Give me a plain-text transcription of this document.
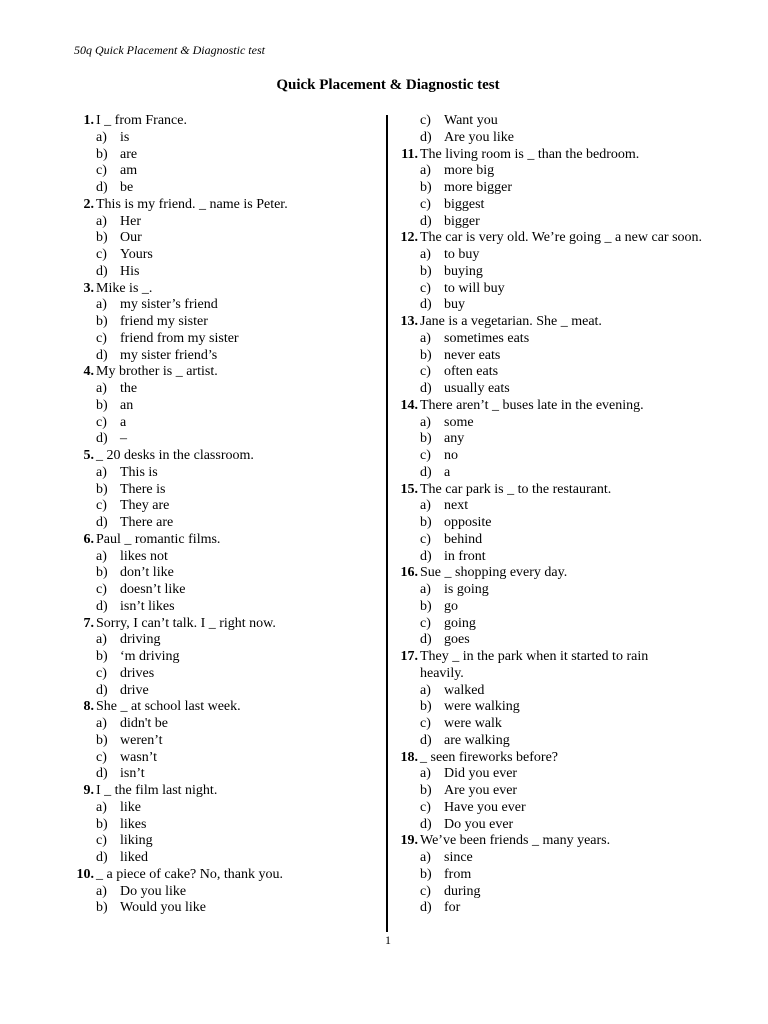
50q Quick Placement & Diagnostic test
Quick Placement & Diagnostic test
1. I _ from France.
a) is
b) are
c) am
d) be
2. This is my friend. _ name is Peter.
a) Her
b) Our
c) Yours
d) His
3. Mike is _.
a) my sister’s friend
b) friend my sister
c) friend from my sister
d) my sister friend’s
4. My brother is _ artist.
a) the
b) an
c) a
d) –
5. _ 20 desks in the classroom.
a) This is
b) There is
c) They are
d) There are
6. Paul _ romantic films.
a) likes not
b) don’t like
c) doesn’t like
d) isn’t likes
7. Sorry, I can’t talk. I _ right now.
a) driving
b) ‘m driving
c) drives
d) drive
8. She _ at school last week.
a) didn't be
b) weren’t
c) wasn’t
d) isn’t
9. I _ the film last night.
a) like
b) likes
c) liking
d) liked
10. _ a piece of cake? No, thank you.
a) Do you like
b) Would you like
c) Want you
d) Are you like
11. The living room is _ than the bedroom.
a) more big
b) more bigger
c) biggest
d) bigger
12. The car is very old. We’re going _ a new car soon.
a) to buy
b) buying
c) to will buy
d) buy
13. Jane is a vegetarian. She _ meat.
a) sometimes eats
b) never eats
c) often eats
d) usually eats
14. There aren’t _ buses late in the evening.
a) some
b) any
c) no
d) a
15. The car park is _ to the restaurant.
a) next
b) opposite
c) behind
d) in front
16. Sue _ shopping every day.
a) is going
b) go
c) going
d) goes
17. They _ in the park when it started to rain
heavily.
a) walked
b) were walking
c) were walk
d) are walking
18. _ seen fireworks before?
a) Did you ever
b) Are you ever
c) Have you ever
d) Do you ever
19. We’ve been friends _ many years.
a) since
b) from
c) during
d) for
1
